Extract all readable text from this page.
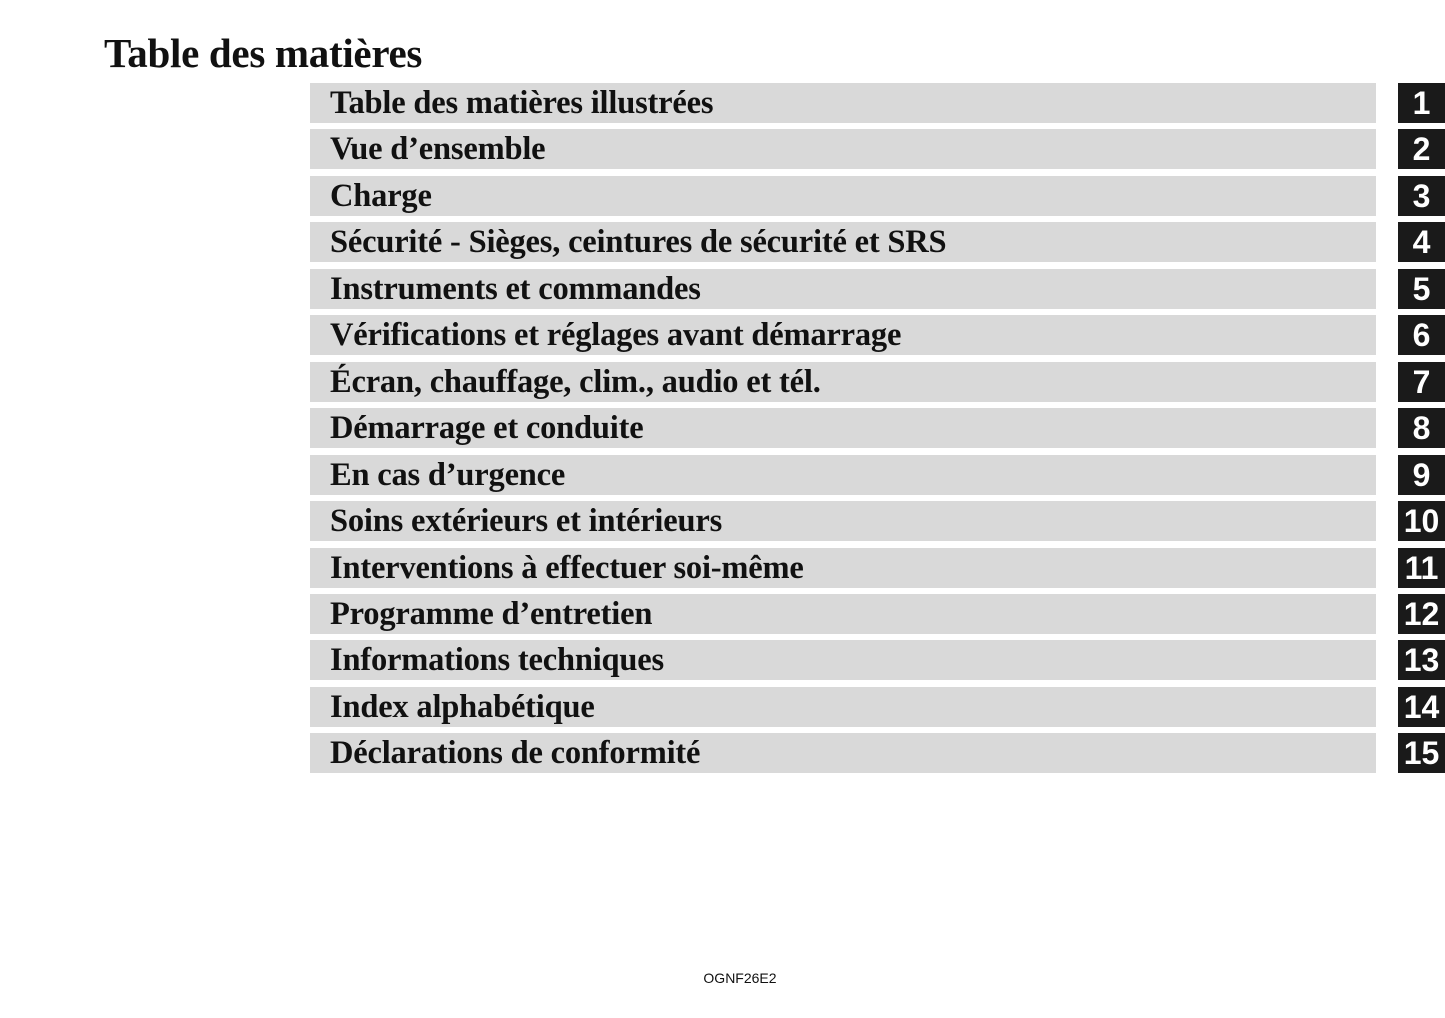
Table des matières
Table des matières illustrées	1
Vue d’ensemble	2
Charge	3
Sécurité - Sièges, ceintures de sécurité et SRS	4
Instruments et commandes	5
Vérifications et réglages avant démarrage	6
Écran, chauffage, clim., audio et tél.	7
Démarrage et conduite	8
En cas d’urgence	9
Soins extérieurs et intérieurs	10
Interventions à effectuer soi-même	11
Programme d’entretien	12
Informations techniques	13
Index alphabétique	14
Déclarations de conformité	15
OGNF26E2
